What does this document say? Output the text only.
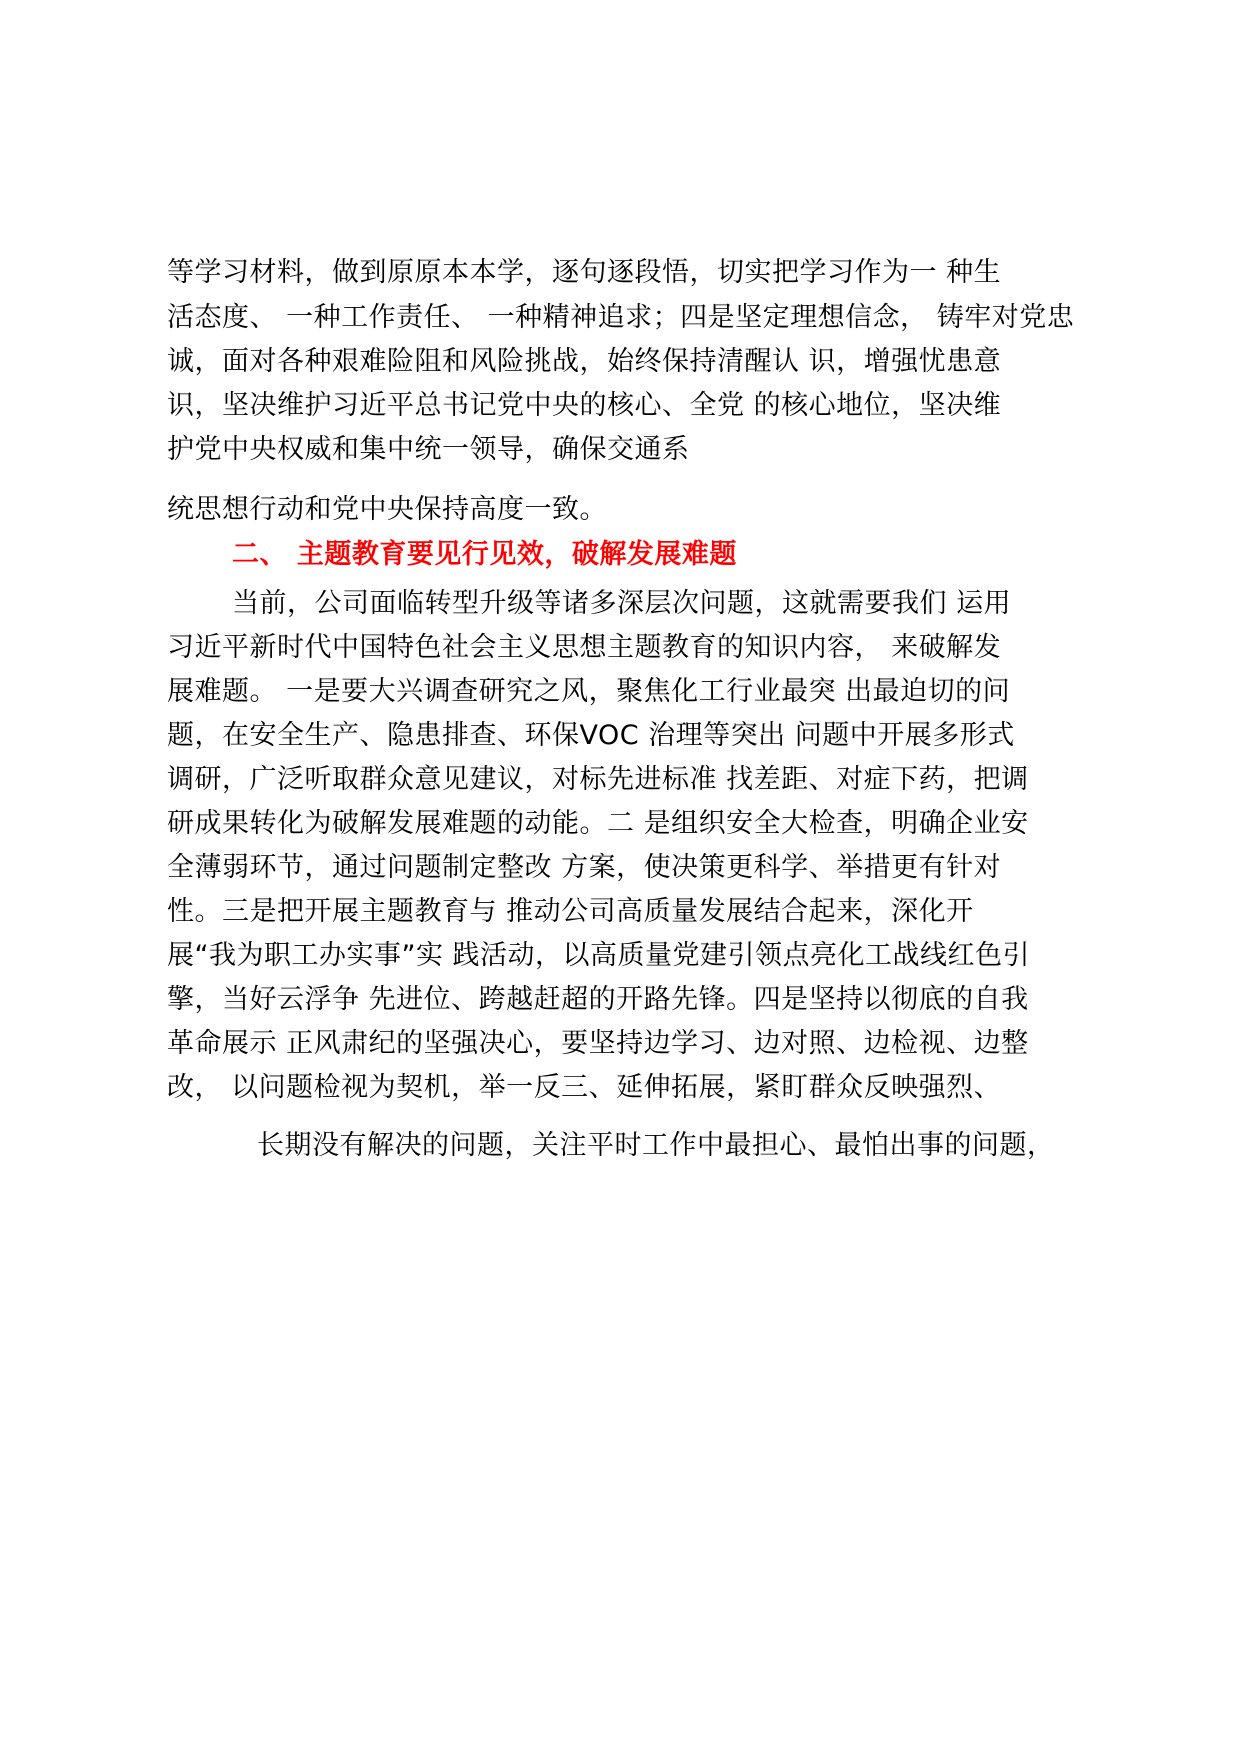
等学习材料，做到原原本本学，逐句逐段悟，切实把学习作为一 种生
活态度、 一种工作责任、 一种精神追求；四是坚定理想信念， 铸牢对党忠
诚，面对各种艰难险阻和风险挑战，始终保持清醒认 识，增强忧患意
识，坚决维护习近平总书记党中央的核心、全党 的核心地位，坚决维
护党中央权威和集中统一领导，确保交通系
统思想行动和党中央保持高度一致。
二、 主题教育要见行见效，破解发展难题
当前，公司面临转型升级等诸多深层次问题，这就需要我们 运用
习近平新时代中国特色社会主义思想主题教育的知识内容， 来破解发
展难题。 一是要大兴调查研究之风，聚焦化工行业最突 出最迫切的问
题，在安全生产、隐患排查、环保VOC 治理等突出 问题中开展多形式
调研，广泛听取群众意见建议，对标先进标准 找差距、对症下药，把调
研成果转化为破解发展难题的动能。二 是组织安全大检查，明确企业安
全薄弱环节，通过问题制定整改 方案，使决策更科学、举措更有针对
性。三是把开展主题教育与 推动公司高质量发展结合起来，深化开
展“我为职工办实事”实 践活动，以高质量党建引领点亮化工战线红色引
擎，当好云浮争 先进位、跨越赶超的开路先锋。四是坚持以彻底的自我
革命展示 正风肃纪的坚强决心，要坚持边学习、边对照、边检视、边整
改， 以问题检视为契机，举一反三、延伸拓展，紧盯群众反映强烈、
长期没有解决的问题，关注平时工作中最担心、最怕出事的问题，
